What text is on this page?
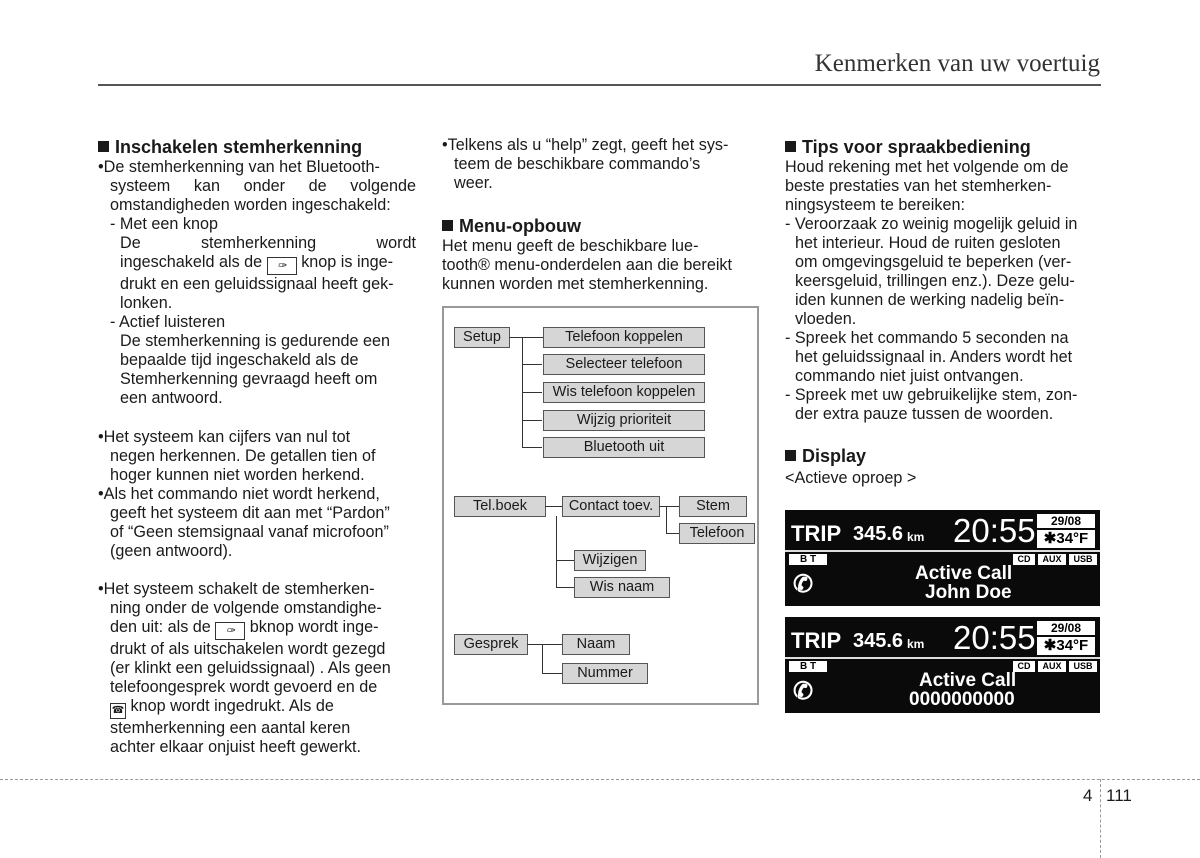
Kenmerken van uw voertuig

Inschakelen stemherkenning

•De stemherkenning van het Bluetooth-

systeem kan onder de volgende

omstandigheden worden ingeschakeld:

- Met een knop

De stemherkenning wordt

ingeschakeld als de ✑ knop is inge-

drukt en een geluidssignaal heeft gek-

lonken.

- Actief luisteren

De stemherkenning is gedurende een

bepaalde tijd ingeschakeld als de

Stemherkenning gevraagd heeft om

een antwoord.

•Het systeem kan cijfers van nul tot

negen herkennen. De getallen tien of

hoger kunnen niet worden herkend.

•Als het commando niet wordt herkend,

geeft het systeem dit aan met “Pardon”

of “Geen stemsignaal vanaf microfoon”

(geen antwoord).

•Het systeem schakelt de stemherken-

ning onder de volgende omstandighe-

den uit: als de ✑ bknop wordt inge-

drukt of als uitschakelen wordt gezegd

(er klinkt een geluidssignaal) . Als geen

telefoongesprek wordt gevoerd en de

☎ knop wordt ingedrukt. Als de

stemherkenning een aantal keren

achter elkaar onjuist heeft gewerkt.

•Telkens als u “help” zegt, geeft het sys-

teem de beschikbare commando’s

weer.

Menu-opbouw

Het menu geeft de beschikbare lue-

tooth® menu-onderdelen aan die bereikt

kunnen worden met stemherkenning.

Setup	Telefoon koppelen
Selecteer telefoon
Wis telefoon koppelen
Wijzig prioriteit
Bluetooth uit
Tel.boek	Contact toev.	Stem
Telefoon
Wijzigen
Wis naam
Gesprek	Naam
Nummer

Tips voor spraakbediening

Houd rekening met het volgende om de

beste prestaties van het stemherken-

ningsysteem te bereiken:

- Veroorzaak zo weinig mogelijk geluid in

het interieur. Houd de ruiten gesloten

om omgevingsgeluid te beperken (ver-

keersgeluid, trillingen enz.). Deze gelu-

iden kunnen de werking nadelig beïn-

vloeden.

- Spreek het commando 5 seconden na

het geluidssignaal in. Anders wordt het

commando niet juist ontvangen.

- Spreek met uw gebruikelijke stem, zon-

der extra pauze tussen de woorden.

Display

<Actieve oproep >

TRIP 345.6 km 20:55	29/08
✱34°F
B T	CD	AUX	USB
✆	Active Call
John Doe
TRIP 345.6 km 20:55	29/08
✱34°F
B T	CD	AUX	USB
✆	Active Call
0000000000
4 111
